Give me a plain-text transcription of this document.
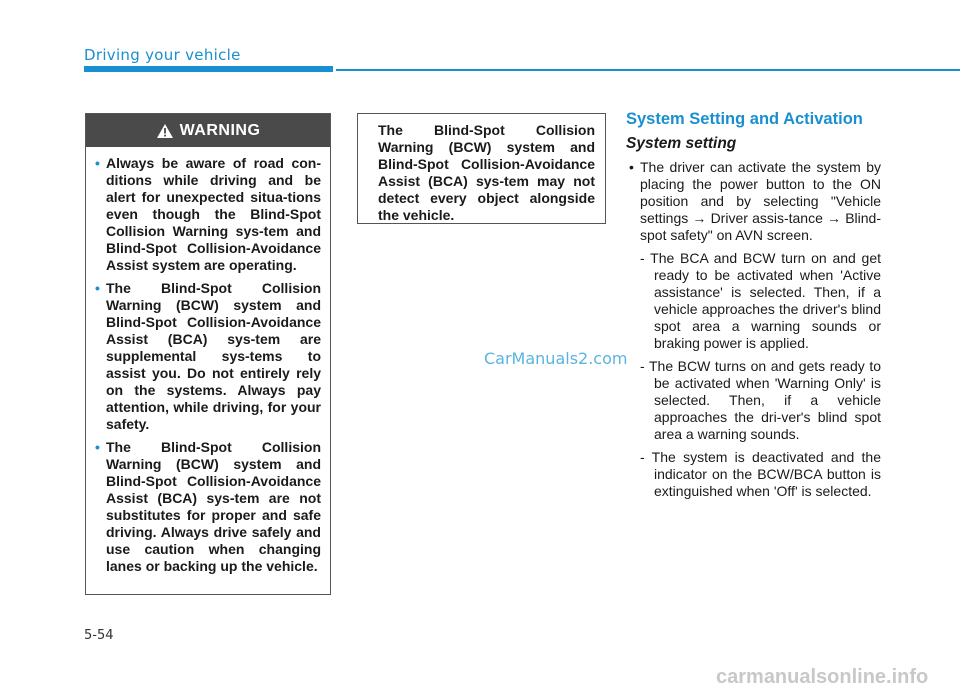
Driving your vehicle
WARNING
• Always be aware of road con-ditions while driving and be alert for unexpected situa-tions even though the Blind-Spot Collision Warning sys-tem and Blind-Spot Collision-Avoidance Assist system are operating.
• The Blind-Spot Collision Warning (BCW) system and Blind-Spot Collision-Avoidance Assist (BCA) sys-tem are supplemental sys-tems to assist you. Do not entirely rely on the systems. Always pay attention, while driving, for your safety.
• The Blind-Spot Collision Warning (BCW) system and Blind-Spot Collision-Avoidance Assist (BCA) sys-tem are not substitutes for proper and safe driving. Always drive safely and use caution when changing lanes or backing up the vehicle.

The Blind-Spot Collision Warning (BCW) system and Blind-Spot Collision-Avoidance Assist (BCA) sys-tem may not detect every object alongside the vehicle.

System Setting and Activation
System setting
• The driver can activate the system by placing the power button to the ON position and by selecting "Vehicle settings → Driver assis-tance → Blind-spot safety" on AVN screen.
- The BCA and BCW turn on and get ready to be activated when 'Active assistance' is selected. Then, if a vehicle approaches the driver's blind spot area a warning sounds or braking power is applied.
- The BCW turns on and gets ready to be activated when 'Warning Only' is selected. Then, if a vehicle approaches the dri-ver's blind spot area a warning sounds.
- The system is deactivated and the indicator on the BCW/BCA button is extinguished when 'Off' is selected.
CarManuals2.com
5-54
carmanualsonline.info
